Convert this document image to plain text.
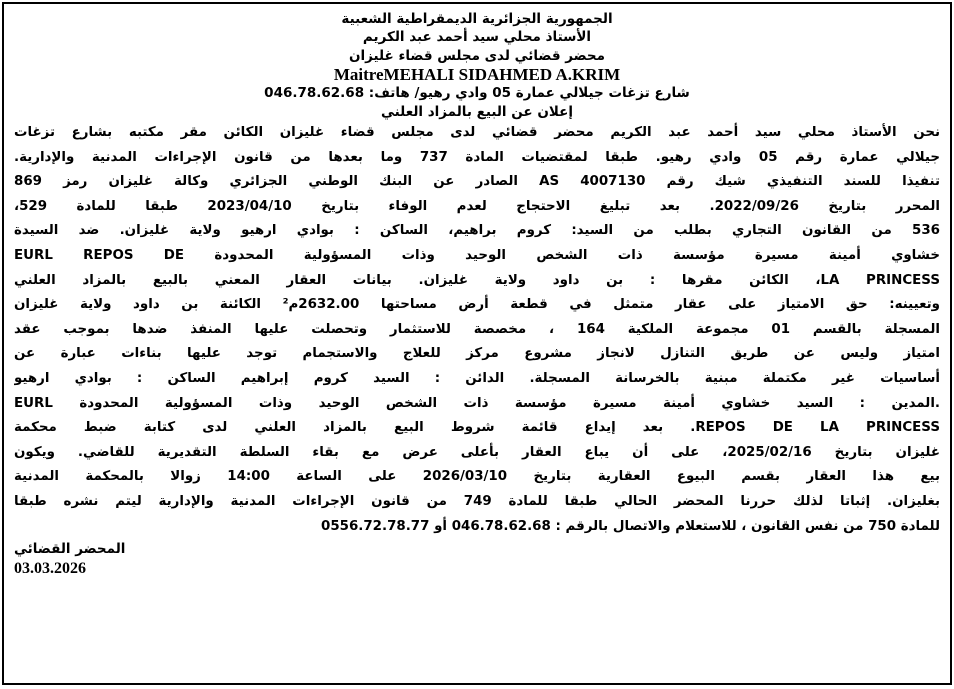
الجمهورية الجزائرية الديمقراطية الشعبية
الأستاذ محلي سيد أحمد عبد الكريم
محضر قضائي لدى مجلس قضاء غليزان
MaitreMEHALI SIDAHMED A.KRIM
شارع تزغات جيلالي عمارة 05 وادي رهيو/ هاتف: 046.78.62.68
إعلان عن البيع بالمزاد العلني
نحن الأستاذ محلي سيد أحمد عبد الكريم محضر قضائي لدى مجلس قضاء غليزان الكائن مقر مكتبه بشارع تزغات
جيلالي عمارة رقم 05 وادي رهيو. طبقا لمقتضيات المادة 737 وما بعدها من قانون الإجراءات المدنية والإدارية.
تنفيذا للسند التنفيذي شيك رقم AS 4007130 الصادر عن البنك الوطني الجزائري وكالة غليزان رمز 869
المحرر بتاريخ 2022/09/26. بعد تبليغ الاحتجاج لعدم الوفاء بتاريخ 2023/04/10 طبقا للمادة 529،
536 من القانون التجاري بطلب من السيد: كروم براهيم، الساكن : بوادي ارهيو ولاية غليزان. ضد السيدة
خشاوي أمينة مسيرة مؤسسة ذات الشخص الوحيد وذات المسؤولية المحدودة EURL REPOS DE
LA PRINCESS، الكائن مقرها : بن داود ولاية غليزان. بيانات العقار المعني بالبيع بالمزاد العلني
وتعيينه: حق الامتياز على عقار متمثل في قطعة أرض مساحتها 2632.00م² الكائنة بن داود ولاية غليزان
المسجلة بالقسم 01 مجموعة الملكية 164 ، مخصصة للاستثمار وتحصلت عليها المنفذ ضدها بموجب عقد
امتياز وليس عن طريق التنازل لانجاز مشروع مركز للعلاج والاستجمام توجد عليها بناءات عبارة عن
أساسيات غير مكتملة مبنية بالخرسانة المسجلة. الدائن : السيد كروم إبراهيم الساكن : بوادي ارهيو
.المدين : السيد خشاوي أمينة مسيرة مؤسسة ذات الشخص الوحيد وذات المسؤولية المحدودة EURL
REPOS DE LA PRINCESS. بعد إيداع قائمة شروط البيع بالمزاد العلني لدى كتابة ضبط محكمة
غليزان بتاريخ 2025/02/16، على أن يباع العقار بأعلى عرض مع بقاء السلطة التقديرية للقاضي. ويكون
بيع هذا العقار بقسم البيوع العقارية بتاريخ 2026/03/10 على الساعة 14:00 زوالا بالمحكمة المدنية
بغليزان. إثباتا لذلك حررنا المحضر الحالي طبقا للمادة 749 من قانون الإجراءات المدنية والإدارية ليتم نشره طبقا
للمادة 750 من نفس القانون ، للاستعلام والاتصال بالرقم : 046.78.62.68 أو 0556.72.78.77
المحضر القضائي
03.03.2026
